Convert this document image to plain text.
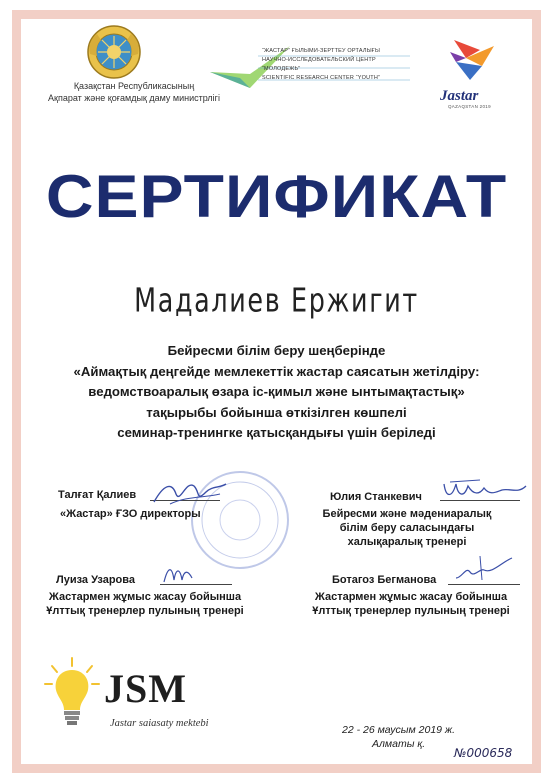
Қазақстан Республикасының
Ақпарат және қоғамдық даму министрлігі
“ЖАСТАР” ҒЫЛЫМИ-ЗЕРТТЕУ ОРТАЛЫҒЫ
НАУЧНО-ИССЛЕДОВАТЕЛЬСКИЙ ЦЕНТР “МОЛОДЕЖЬ”
SCIENTIFIC RESEARCH CENTER “YOUTH”
Jastar
QAZAQSTAN 2019
СЕРТИФИКАТ
Мадалиев Ержигит
Бейресми білім беру шеңберінде
«Аймақтық деңгейде мемлекеттік жастар саясатын жетілдіру:
ведомствоаралық өзара іс-қимыл және ынтымақтастық»
тақырыбы бойынша өткізілген көшпелі
семинар-тренингке қатысқандығы үшін беріледі
Талғат Қалиев
«Жастар» ҒЗО директоры
Юлия Станкевич
Бейресми және мәдениаралық
білім беру саласындағы
халықаралық тренері
Луиза Узарова
Жастармен жұмыс жасау бойынша
Ұлттық тренерлер пулының тренері
Ботагоз Бегманова
Жастармен жұмыс жасау бойынша
Ұлттық тренерлер пулының тренері
JSM
Jastar saiasaty mektebi
22 - 26 маусым 2019 ж.
Алматы қ.
№000658
